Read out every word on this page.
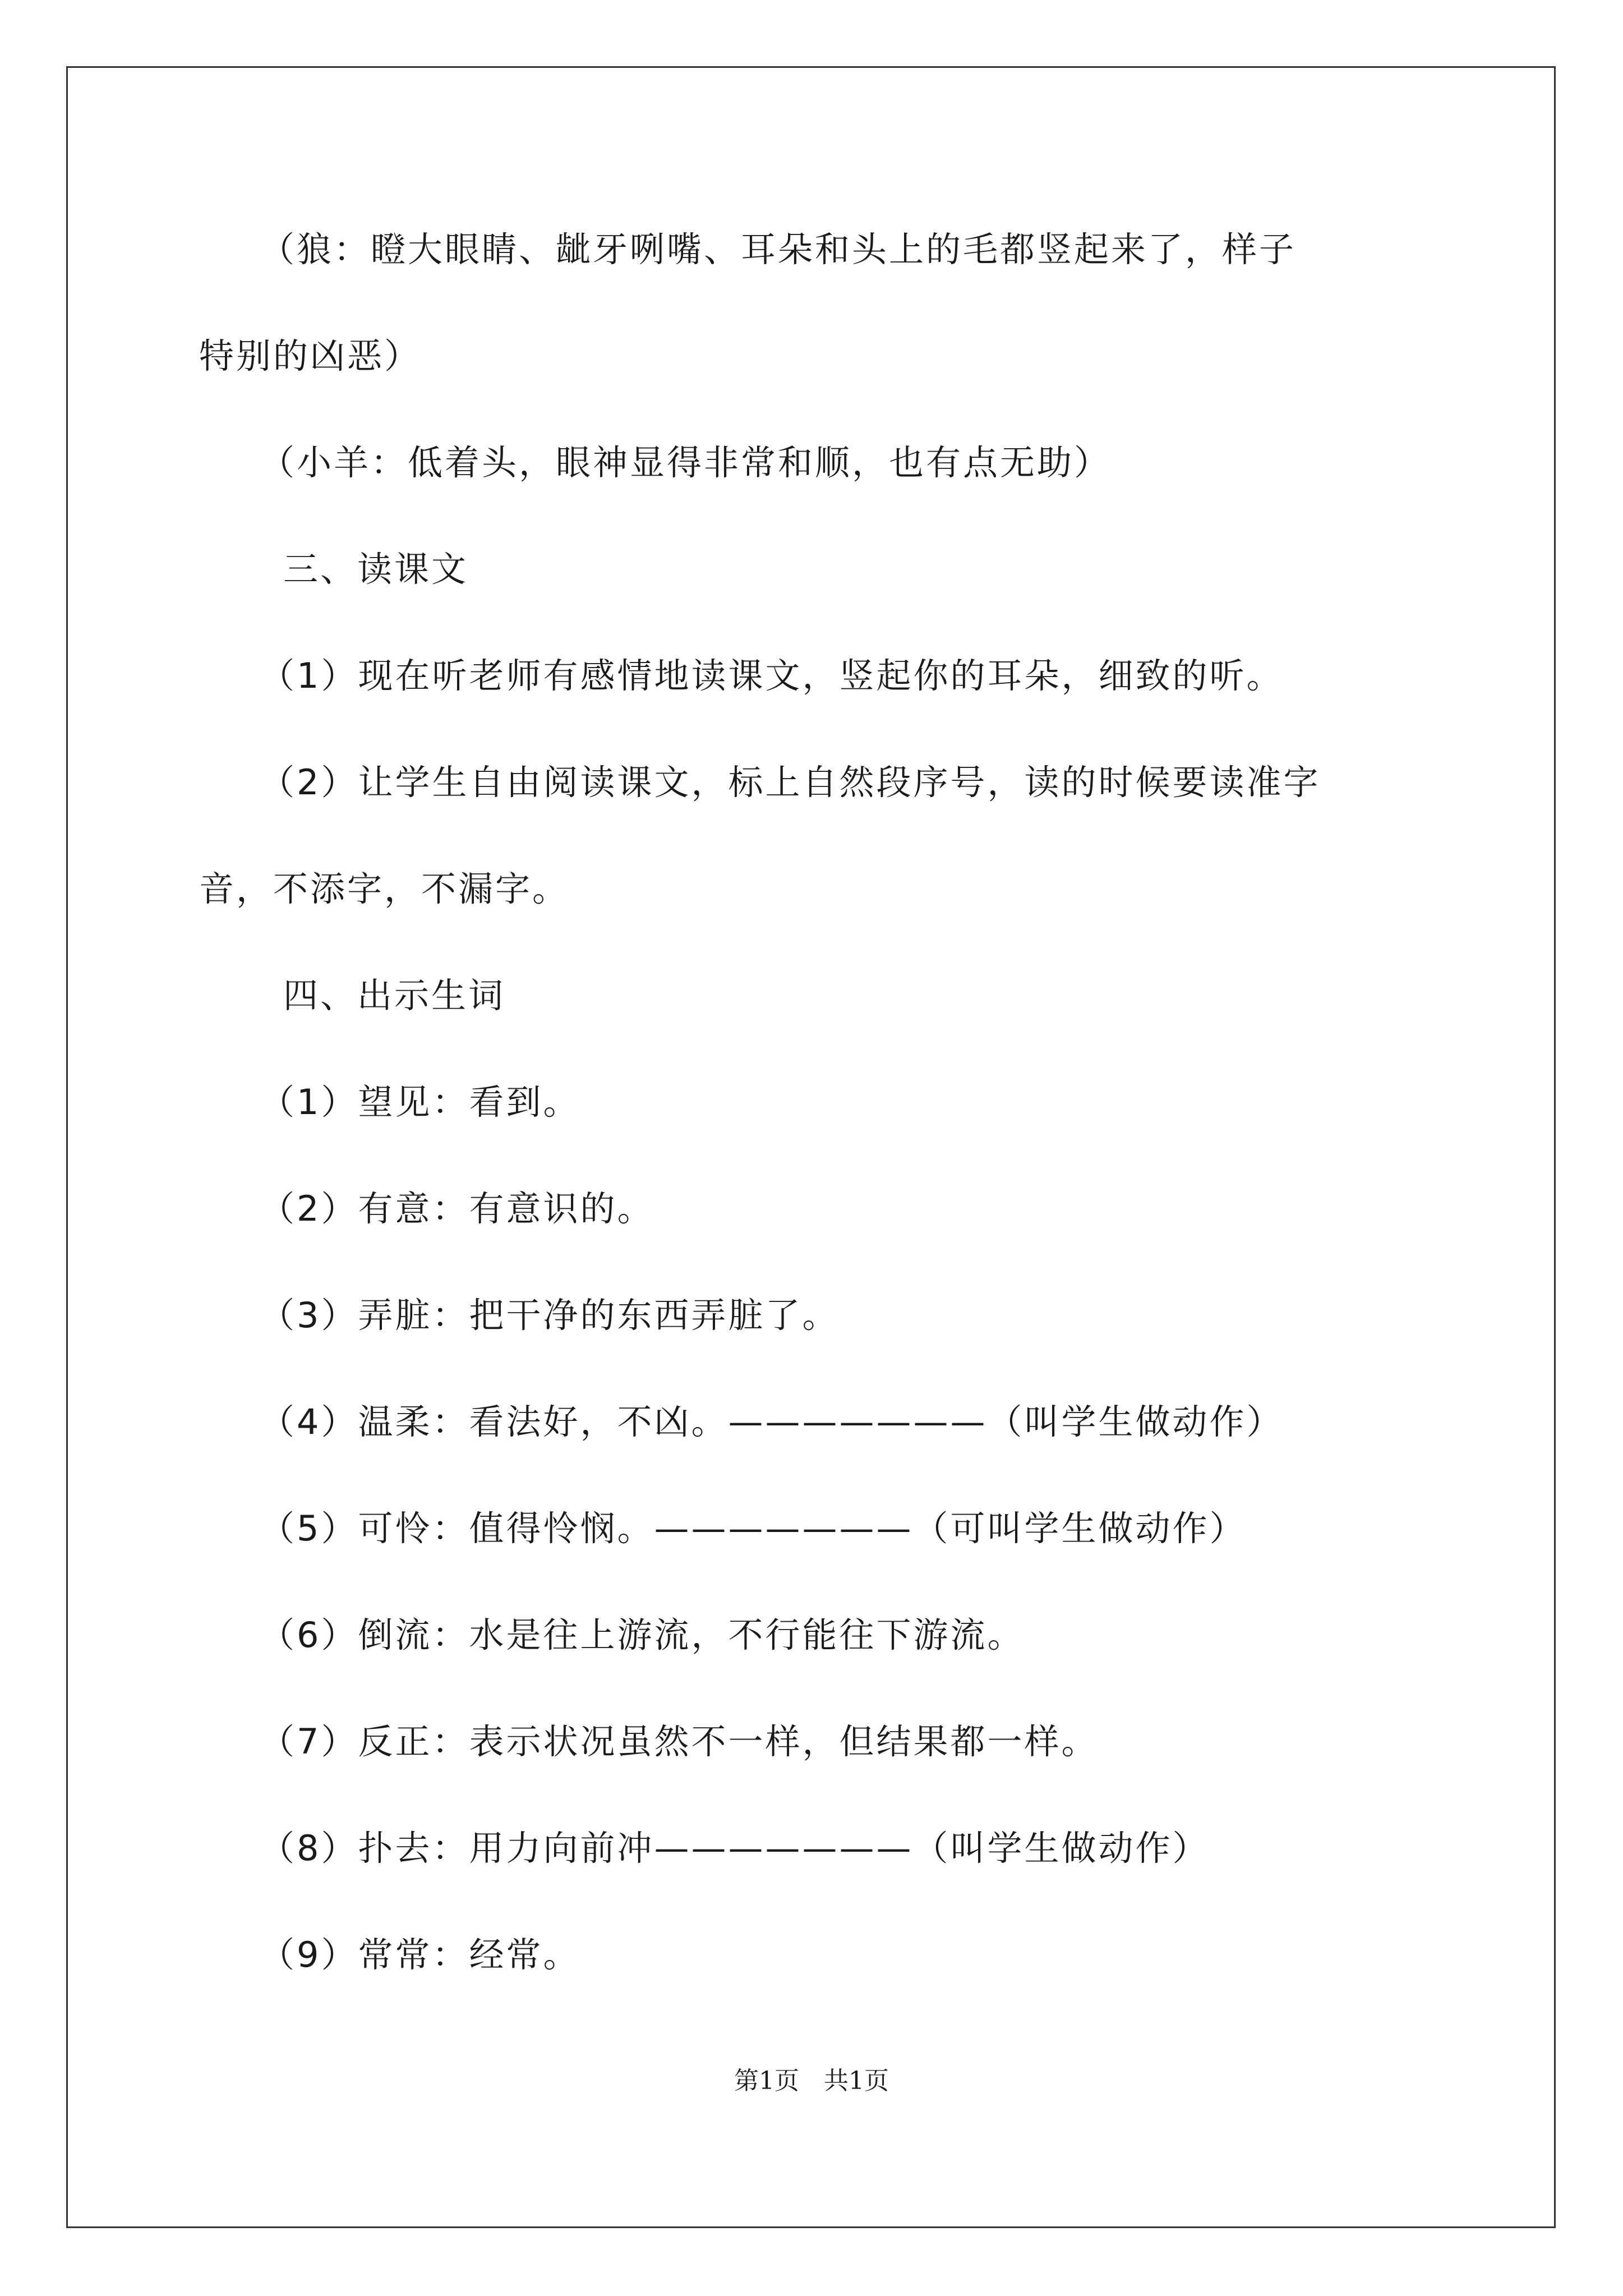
（狼：瞪大眼睛、龇牙咧嘴、耳朵和头上的毛都竖起来了，样子
特别的凶恶）
（小羊：低着头，眼神显得非常和顺，也有点无助）
三、读课文
（1）现在听老师有感情地读课文，竖起你的耳朵，细致的听。
（2）让学生自由阅读课文，标上自然段序号，读的时候要读准字
音，不添字，不漏字。
四、出示生词
（1）望见：看到。
（2）有意：有意识的。
（3）弄脏：把干净的东西弄脏了。
（4）温柔：看法好，不凶。———————（叫学生做动作）
（5）可怜：值得怜悯。———————（可叫学生做动作）
（6）倒流：水是往上游流，不行能往下游流。
（7）反正：表示状况虽然不一样，但结果都一样。
（8）扑去：用力向前冲———————（叫学生做动作）
（9）常常：经常。
第1页　共1页
